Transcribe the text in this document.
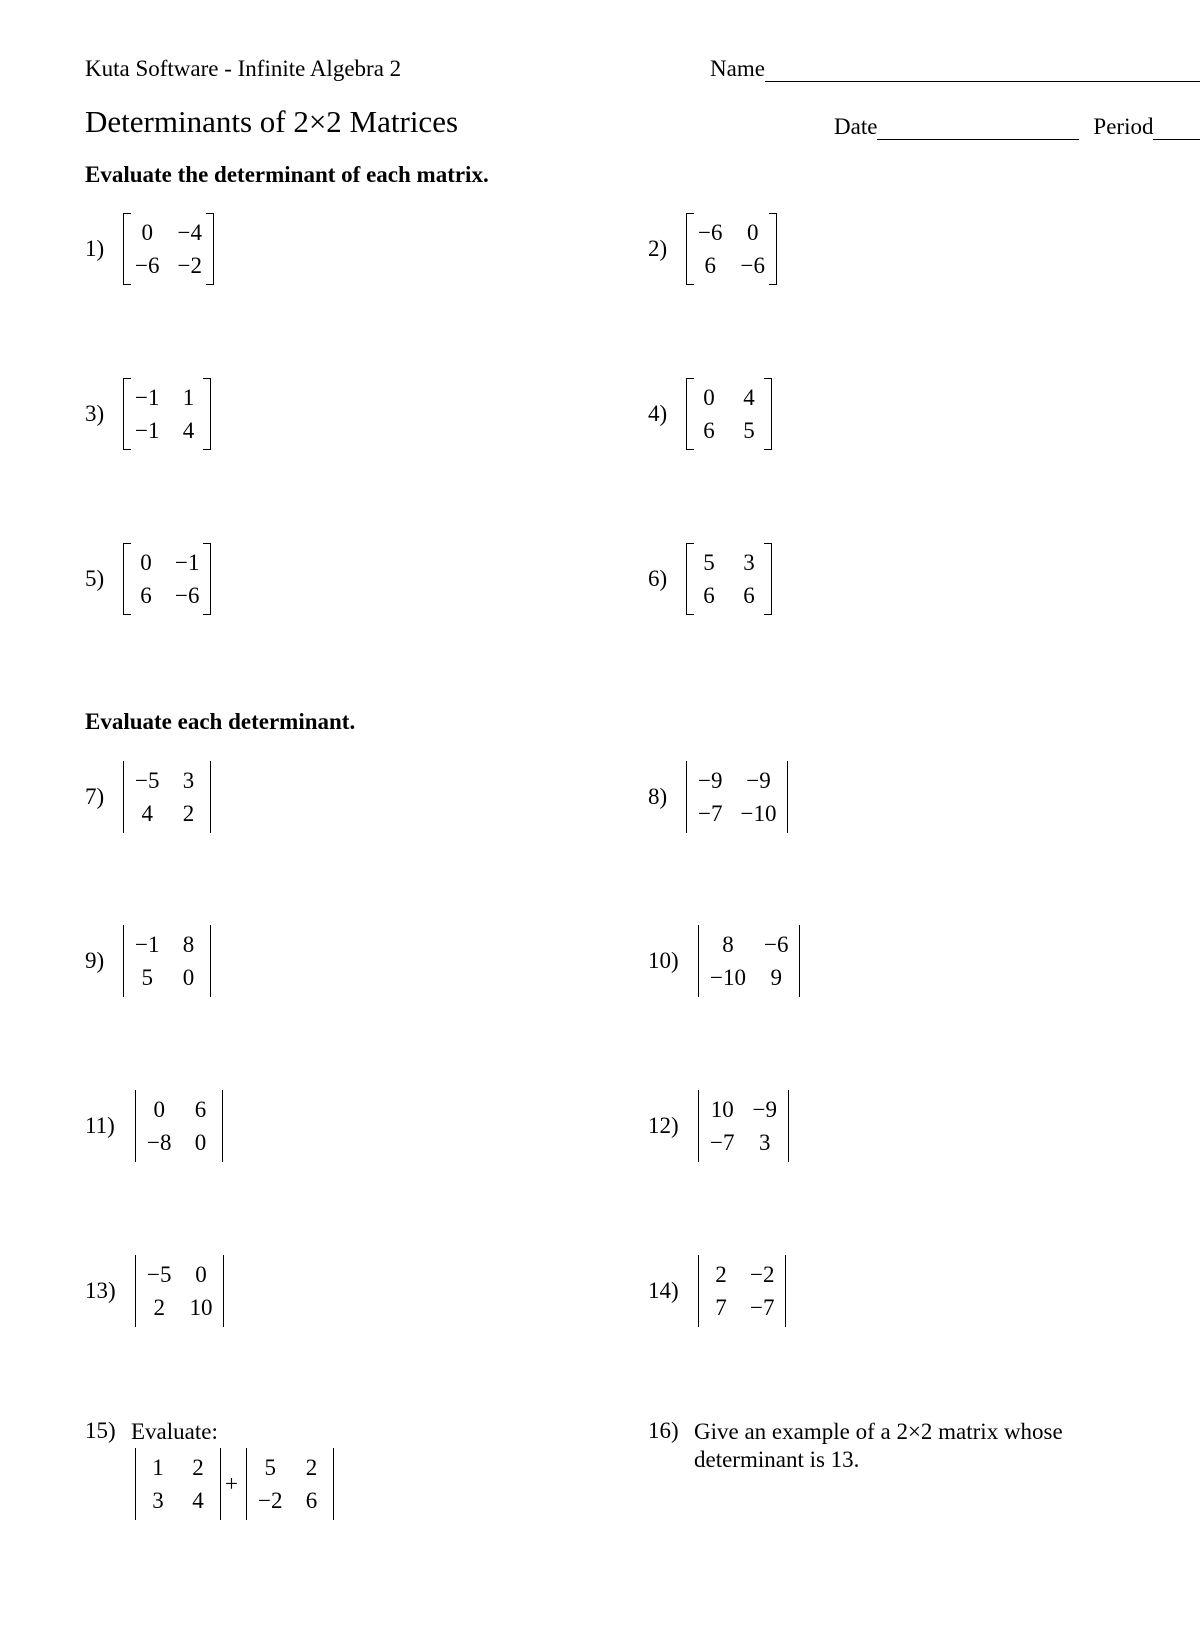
Kuta Software - Infinite Algebra 2	Name
Determinants of 2×2 Matrices	Date	Period
Evaluate the determinant of each matrix.
1)
0 −4
−6 −2
2)
−6 0
6 −6
3)
−1 1
−1 4
4)
0 4
6 5
5)
0 −1
6 −6
6)
5 3
6 6
Evaluate each determinant.
7)
−5 3
4 2
8)
−9 −9
−7 −10
9)
−1 8
5 0
10)
8	−6
−10 9
11)
0 6
−8 0
12)
10 −9
−7 3
13)
−5 0
2 10
14)
2 −2
7 −7
15) Evaluate:
1 2
3 4
+
5 2
−2 6
16) Give an example of a 2×2 matrix whose determinant is 13.
